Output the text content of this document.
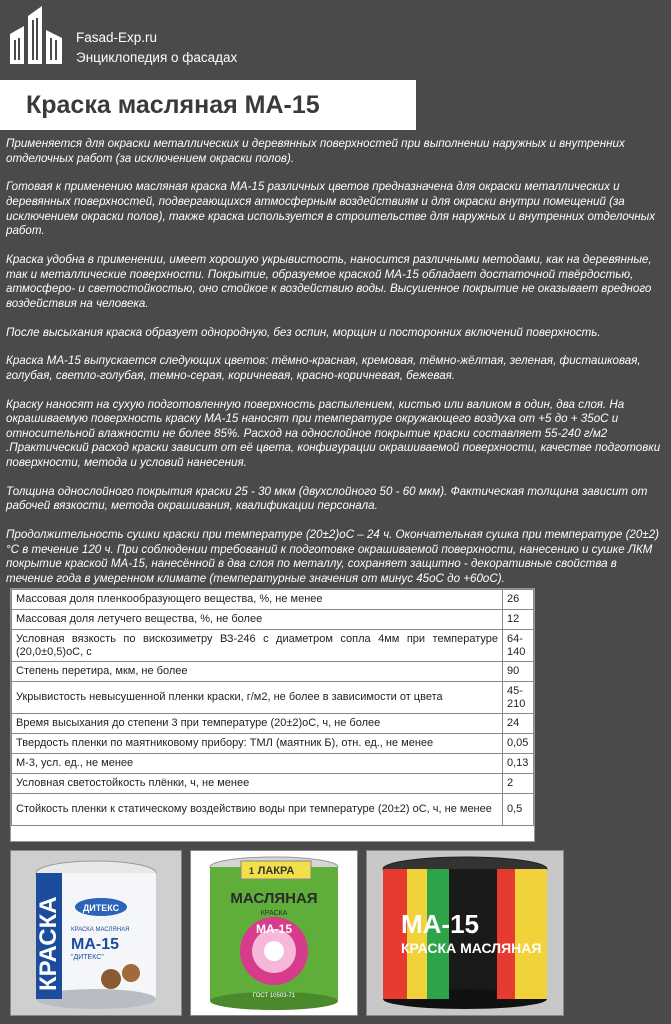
Fasad-Exp.ru
Энциклопедия о фасадах
Краска масляная МА-15

Применяется для окраски металлических и деревянных поверхностей при выполнении наружных и внутренних отделочных работ (за исключением окраски полов).

Готовая к применению масляная краска МА-15 различных цветов предназначена для окраски металлических и деревянных поверхностей, подвергающихся атмосферным воздействиям и для окраски внутри помещений (за исключением окраски полов), также краска используется в строительстве для наружных и внутренних отделочных работ.

Краска удобна в применении, имеет хорошую укрывистость, наносится различными методами, как на деревянные, так и металлические поверхности. Покрытие, образуемое краской МА-15 обладает достаточной твёрдостью, атмосферо- и светостойкостью, оно стойкое к воздействию воды. Высушенное покрытие не оказывает вредного воздействия на человека.

После высыхания краска образует однородную, без оспин, морщин и посторонних включений поверхность.

Краска МА-15 выпускается следующих цветов: тёмно-красная, кремовая, тёмно-жёлтая, зеленая, фисташковая, голубая, светло-голубая, темно-серая, коричневая, красно-коричневая, бежевая.

Краску наносят на сухую подготовленную поверхность распылением, кистью или валиком в один, два слоя. На окрашиваемую поверхность краску МА-15 наносят при температуре окружающего воздуха от +5 до + 35оС и относительной влажности не более 85%. Расход на однослойное покрытие краски составляет 55-240 г/м2 .Практический расход краски зависит от её цвета, конфигурации окрашиваемой поверхности, качестве подготовки поверхности, метода и условий нанесения.

Толщина однослойного покрытия краски 25 - 30 мкм (двухслойного 50 - 60 мкм). Фактическая толщина зависит от рабочей вязкости, метода окрашивания, квалификации персонала.

Продолжительность сушки краски при температуре (20±2)оС – 24 ч. Окончательная сушка при температуре (20±2)°С в течение 120 ч. При соблюдении требований к подготовке окрашиваемой поверхности, нанесению и сушке ЛКМ покрытие краской МА-15, нанесённой в два слоя по металлу, сохраняет защитно - декоративные свойства в течение года в умеренном климате (температурные значения от минус 45оС до +60оС).

Массовая доля пленкообразующего вещества, %, не менее	26
Массовая доля летучего вещества, %, не более	12
Условная вязкость по вискозиметру ВЗ-246 с диаметром сопла 4мм при температуре (20,0±0,5)оС, с	64-140
Степень перетира, мкм, не более	90
Укрывистость невысушенной пленки краски, г/м2, не более в зависимости от цвета	45-210
Время высыхания до степени 3 при температуре (20±2)оС, ч, не более	24
Твердость пленки по маятниковому прибору: ТМЛ (маятник Б), отн. ед., не менее	0,05
М-3, усл. ед., не менее	0,13
Условная светостойкость плёнки, ч, не менее	2
Стойкость пленки к статическому воздействию воды при температуре (20±2) оС, ч, не менее	0,5
КРАСКА ДИТЕКС
КРАСКА МАСЛЯНАЯ
МА-15
"ДИТЕКС"
ЛАКРА
1
МАСЛЯНАЯ
КРАСКА
МА-15
ГОСТ 10503-71
МА-15
КРАСКА МАСЛЯНАЯ
